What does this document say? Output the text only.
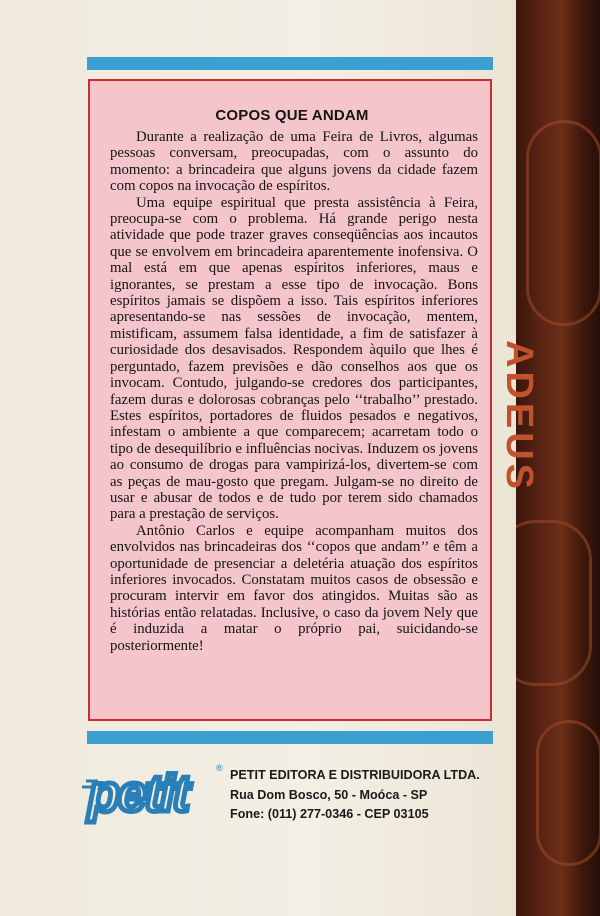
ADEUS
COPOS QUE ANDAM

Durante a realização de uma Feira de Livros, algumas pessoas conversam, preocupadas, com o assunto do momento: a brincadeira que alguns jovens da cidade fazem com copos na invocação de espíritos.

Uma equipe espiritual que presta assistência à Feira, preocupa-se com o problema. Há grande perigo nesta atividade que pode trazer graves conseqüências aos incautos que se envolvem em brincadeira aparentemente inofensiva. O mal está em que apenas espíritos inferiores, maus e ignorantes, se prestam a esse tipo de invocação. Bons espíritos jamais se dispõem a isso. Tais espíritos inferiores apresentando-se nas sessões de invocação, mentem, mistificam, assumem falsa identidade, a fim de satisfazer à curiosidade dos desavisados. Respondem àquilo que lhes é perguntado, fazem previsões e dão conselhos aos que os invocam. Contudo, julgando-se credores dos participantes, fazem duras e dolorosas cobranças pelo ‘‘trabalho’’ prestado. Estes espíritos, portadores de fluidos pesados e negativos, infestam o ambiente a que comparecem; acarretam todo o tipo de desequilíbrio e influências nocivas. Induzem os jovens ao consumo de drogas para vampirizá-los, divertem-se com as peças de mau-gosto que pregam. Julgam-se no direito de usar e abusar de todos e de tudo por terem sido chamados para a prestação de serviços.

Antônio Carlos e equipe acompanham muitos dos envolvidos nas brincadeiras dos ‘‘copos que andam’’ e têm a oportunidade de presenciar a deletéria atuação dos espíritos inferiores invocados. Constatam muitos casos de obsessão e procuram intervir em favor dos atingidos. Muitas são as histórias então relatadas. Inclusive, o caso da jovem Nely que é induzida a matar o próprio pai, suicidando-se posteriormente!

petit	® PETIT EDITORA E DISTRIBUIDORA LTDA.
Rua Dom Bosco, 50 - Moóca - SP
Fone: (011) 277-0346 - CEP 03105
